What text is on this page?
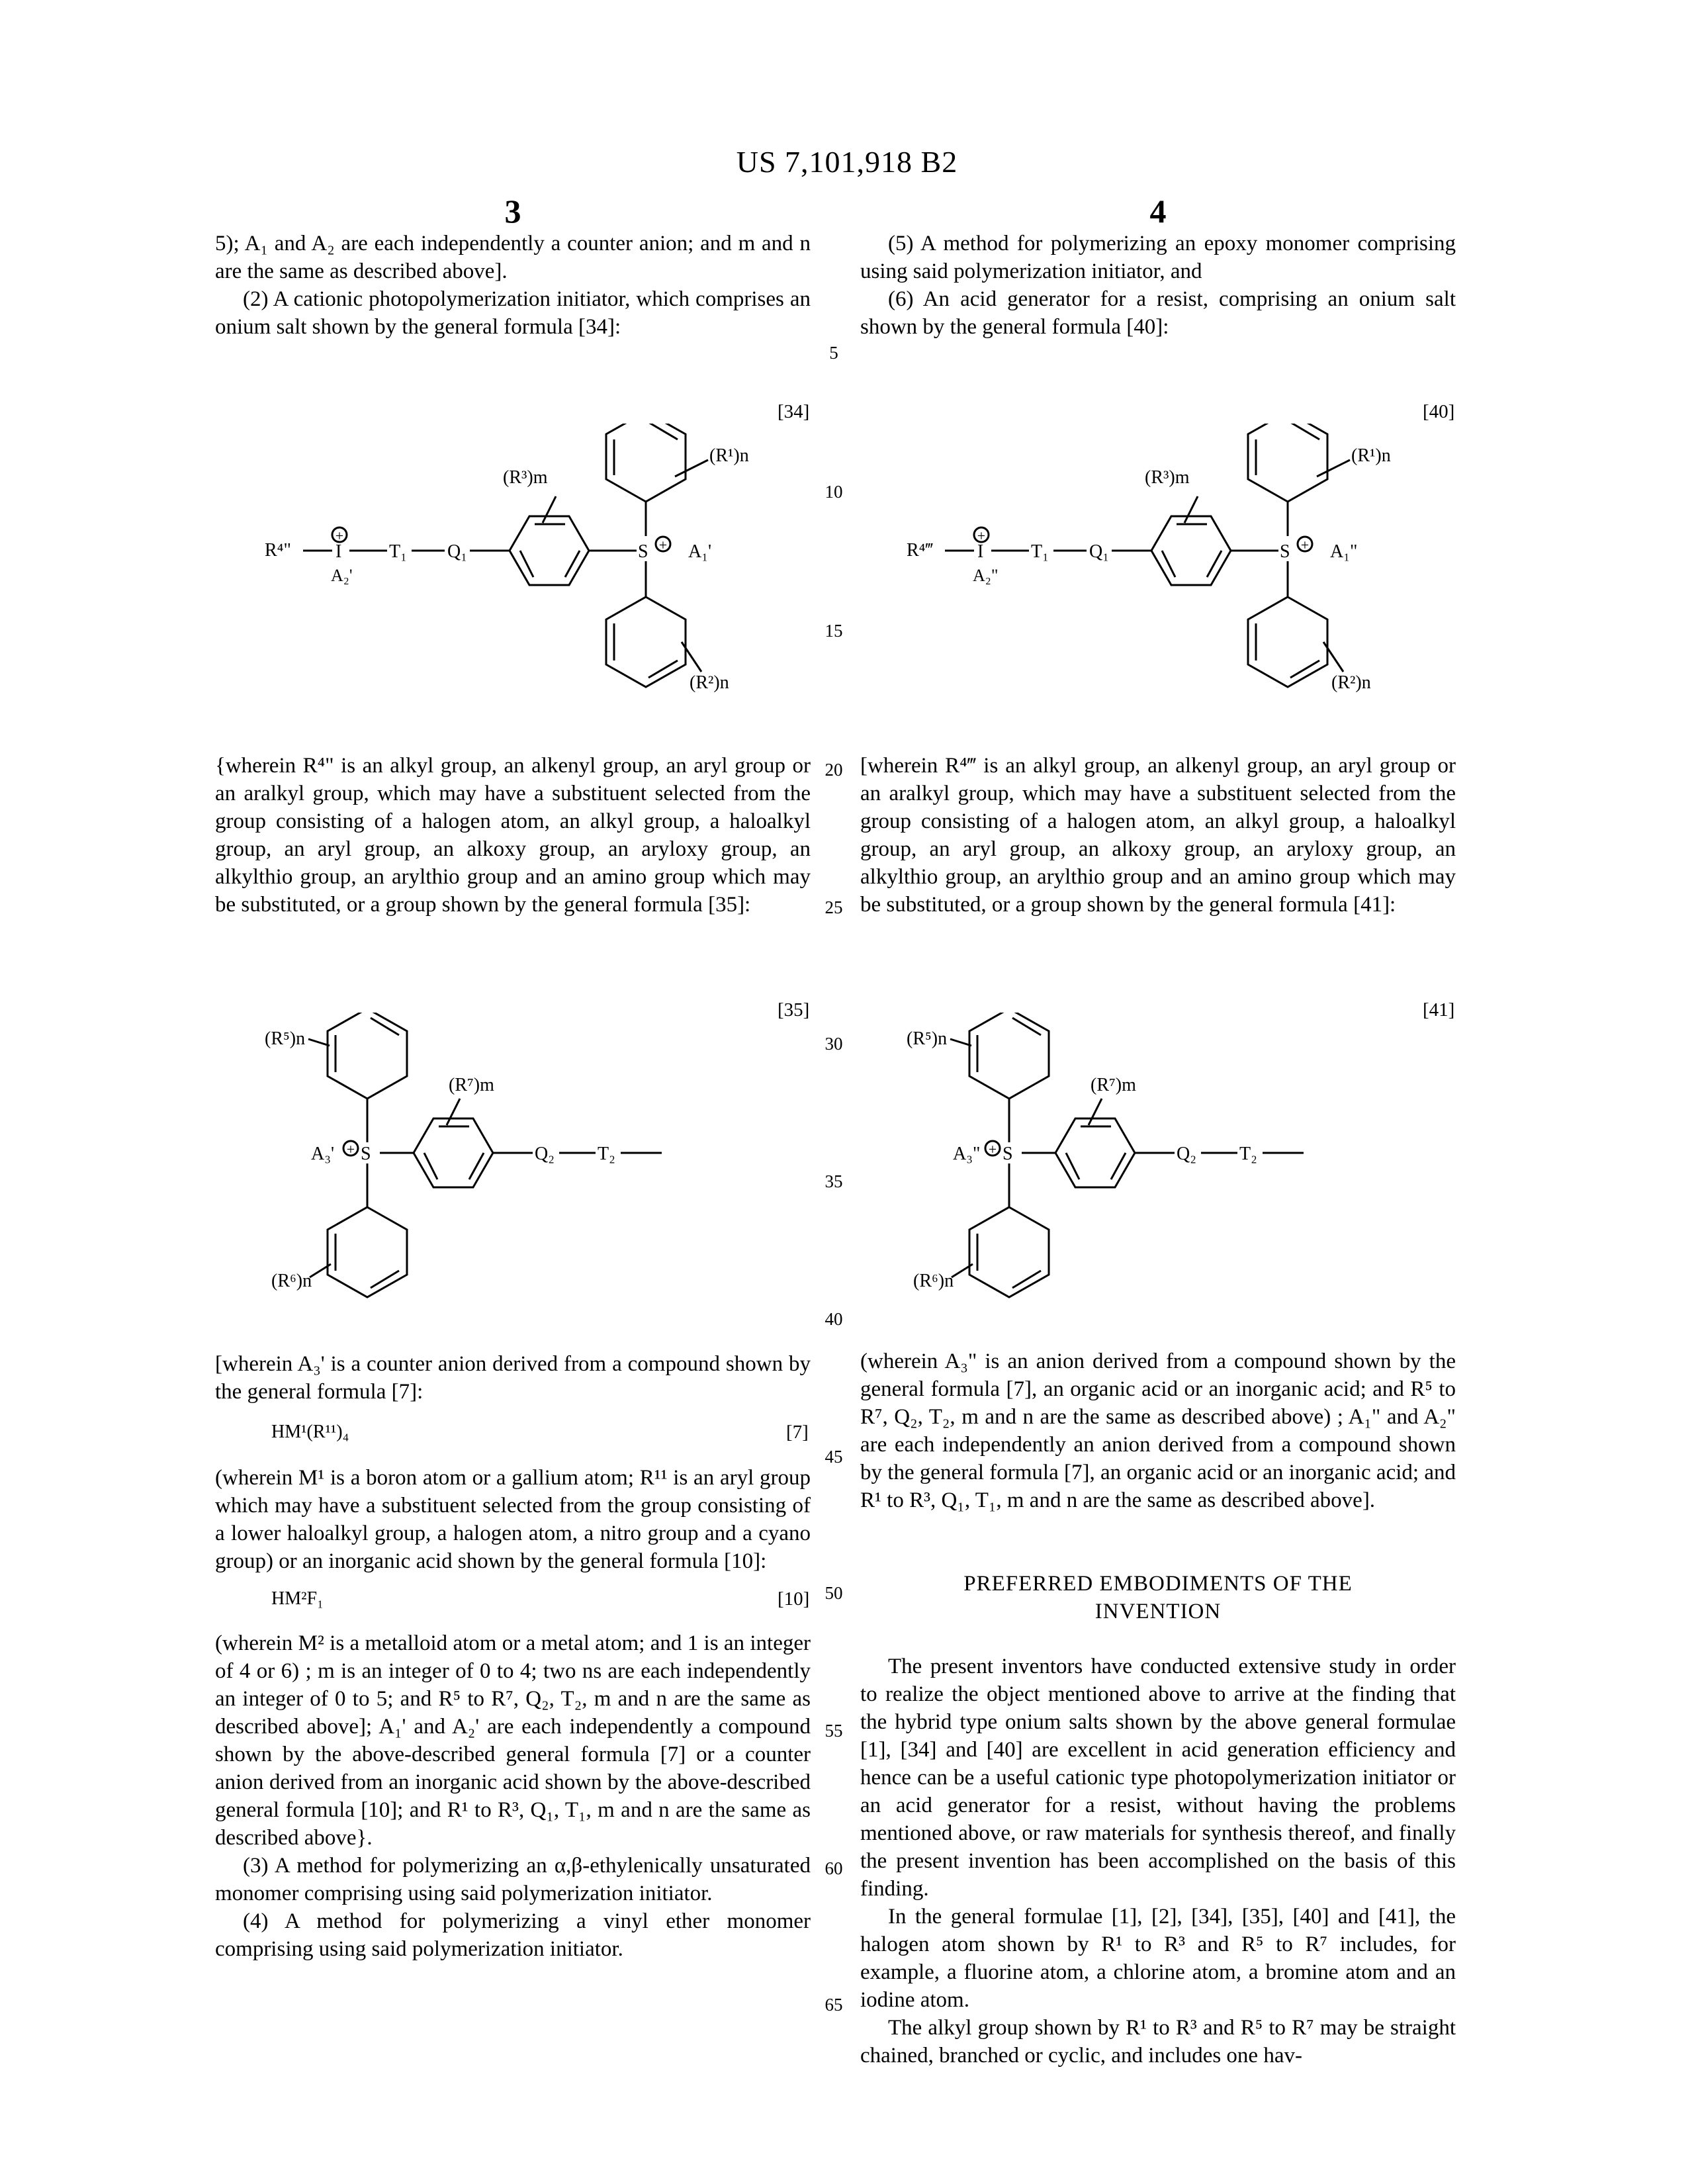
US 7,101,918 B2
3	4
5
10
15
20
25
30
35
40
45
50
55
60
65

5); A₁ and A₂ are each independently a counter anion; and m and n are the same as described above].

(2) A cationic photopolymerization initiator, which comprises an onium salt shown by the general formula [34]:

[34]
R⁴" I
+
A₂'
T₁ Q₁
(R³)m
S + A₁'
(R¹)n
(R²)n

{wherein R⁴" is an alkyl group, an alkenyl group, an aryl group or an aralkyl group, which may have a substituent selected from the group consisting of a halogen atom, an alkyl group, a haloalkyl group, an aryl group, an alkoxy group, an aryloxy group, an alkylthio group, an arylthio group and an amino group which may be substituted, or a group shown by the general formula [35]:

[35]
(R⁵)n
A₃' + S
(R⁷)m
Q₂ T₂
(R⁶)n

[wherein A₃' is a counter anion derived from a compound shown by the general formula [7]:

HM¹(R¹¹)₄	[7]

(wherein M¹ is a boron atom or a gallium atom; R¹¹ is an aryl group which may have a substituent selected from the group consisting of a lower haloalkyl group, a halogen atom, a nitro group and a cyano group) or an inorganic acid shown by the general formula [10]:

HM²F₁	[10]

(wherein M² is a metalloid atom or a metal atom; and 1 is an integer of 4 or 6) ; m is an integer of 0 to 4; two ns are each independently an integer of 0 to 5; and R⁵ to R⁷, Q₂, T₂, m and n are the same as described above]; A₁' and A₂' are each independently a compound shown by the above-described general formula [7] or a counter anion derived from an inorganic acid shown by the above-described general formula [10]; and R¹ to R³, Q₁, T₁, m and n are the same as described above}.

(3) A method for polymerizing an α,β-ethylenically unsaturated monomer comprising using said polymerization initiator.

(4) A method for polymerizing a vinyl ether monomer comprising using said polymerization initiator.

(5) A method for polymerizing an epoxy monomer comprising using said polymerization initiator, and

(6) An acid generator for a resist, comprising an onium salt shown by the general formula [40]:

[40]
R⁴‴ I
+
A₂"
T₁ Q₁
(R³)m
S + A₁"
(R¹)n
(R²)n

[wherein R⁴‴ is an alkyl group, an alkenyl group, an aryl group or an aralkyl group, which may have a substituent selected from the group consisting of a halogen atom, an alkyl group, a haloalkyl group, an aryl group, an alkoxy group, an aryloxy group, an alkylthio group, an arylthio group and an amino group which may be substituted, or a group shown by the general formula [41]:

[41]
(R⁵)n
A₃" + S
(R⁷)m
Q₂ T₂
(R⁶)n

(wherein A₃" is an anion derived from a compound shown by the general formula [7], an organic acid or an inorganic acid; and R⁵ to R⁷, Q₂, T₂, m and n are the same as described above) ; A₁" and A₂" are each independently an anion derived from a compound shown by the general formula [7], an organic acid or an inorganic acid; and R¹ to R³, Q₁, T₁, m and n are the same as described above].

PREFERRED EMBODIMENTS OF THE
INVENTION

The present inventors have conducted extensive study in order to realize the object mentioned above to arrive at the finding that the hybrid type onium salts shown by the above general formulae [1], [34] and [40] are excellent in acid generation efficiency and hence can be a useful cationic type photopolymerization initiator or an acid generator for a resist, without having the problems mentioned above, or raw materials for synthesis thereof, and finally the present invention has been accomplished on the basis of this finding.

In the general formulae [1], [2], [34], [35], [40] and [41], the halogen atom shown by R¹ to R³ and R⁵ to R⁷ includes, for example, a fluorine atom, a chlorine atom, a bromine atom and an iodine atom.

The alkyl group shown by R¹ to R³ and R⁵ to R⁷ may be straight chained, branched or cyclic, and includes one hav-
